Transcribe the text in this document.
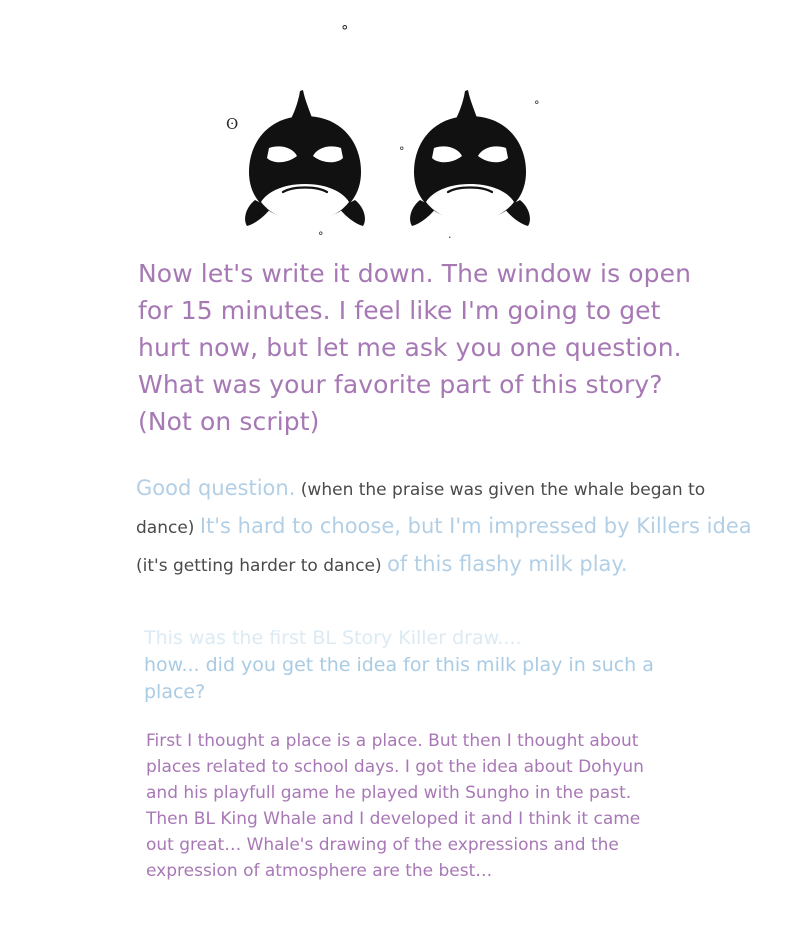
°
ʘ
°
°
°	·
Now let's write it down. The window is open for 15 minutes. I feel like I'm going to get hurt now, but let me ask you one question. What was your favorite part of this story? (Not on script)
Good question. (when the praise was given the whale began to dance) It's hard to choose, but I'm impressed by Killers idea (it's getting harder to dance) of this flashy milk play.
This was the first BL Story Killer draw....
how... did you get the idea for this milk play in such a
place?

First I thought a place is a place. But then I thought about

places related to school days. I got the idea about Dohyun

and his playfull game he played with Sungho in the past.

Then BL King Whale and I developed it and I think it came

out great… Whale's drawing of the expressions and the

expression of atmosphere are the best…
